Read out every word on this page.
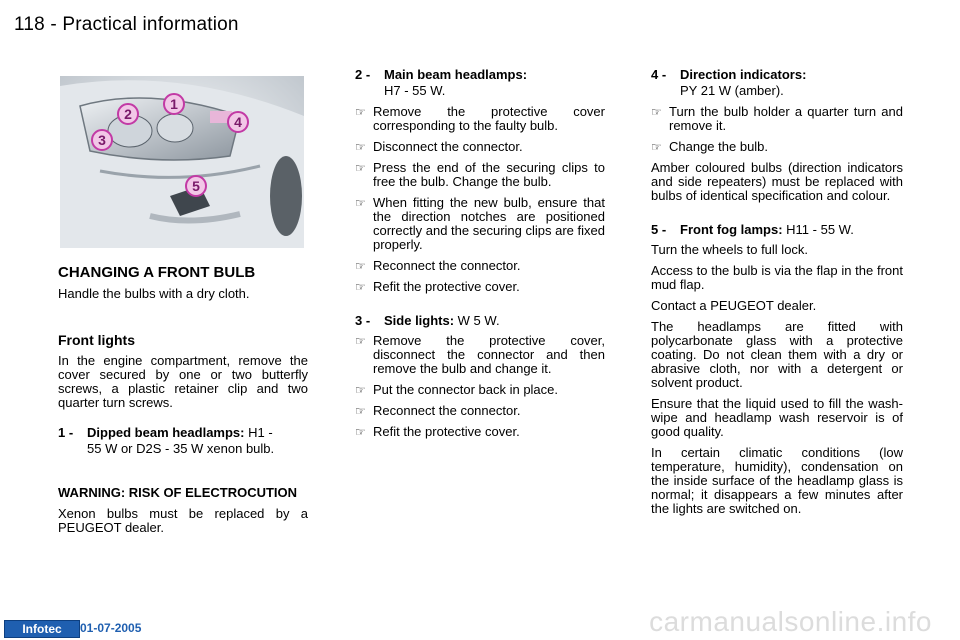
118 - Practical information
1
2
3
4
5

CHANGING A FRONT BULB

Handle the bulbs with a dry cloth.

Front lights

In the engine compartment, remove the cover secured by one or two butterfly screws, a plastic retainer clip and two quarter turn screws.

1 -	Dipped beam headlamps: H1 -

55 W or D2S - 35 W xenon bulb.

WARNING: RISK OF ELECTROCUTION

Xenon bulbs must be replaced by a PEUGEOT dealer.

2 -	Main beam headlamps:

H7 - 55 W.

☞ Remove the protective cover corresponding to the faulty bulb.
☞ Disconnect the connector.
☞ Press the end of the securing clips to free the bulb. Change the bulb.
☞ When fitting the new bulb, ensure that the direction notches are positioned correctly and the securing clips are fixed properly.
☞ Reconnect the connector.
☞ Refit the protective cover.
3 -	Side lights: W 5 W.
☞ Remove the protective cover, disconnect the connector and then remove the bulb and change it.
☞ Put the connector back in place.
☞ Reconnect the connector.
☞ Refit the protective cover.
4 -	Direction indicators:

PY 21 W (amber).

☞ Turn the bulb holder a quarter turn and remove it.
☞ Change the bulb.

Amber coloured bulbs (direction indicators and side repeaters) must be replaced with bulbs of identical specification and colour.

5 -	Front fog lamps: H11 - 55 W.

Turn the wheels to full lock.

Access to the bulb is via the flap in the front mud flap.

Contact a PEUGEOT dealer.

The headlamps are fitted with polycarbonate glass with a protective coating. Do not clean them with a dry or abrasive cloth, nor with a detergent or solvent product.

Ensure that the liquid used to fill the wash-wipe and headlamp wash reservoir is of good quality.

In certain climatic conditions (low temperature, humidity), condensation on the inside surface of the headlamp glass is normal; it disappears a few minutes after the lights are switched on.

Infotec	01-07-2005	carmanualsonline.info
